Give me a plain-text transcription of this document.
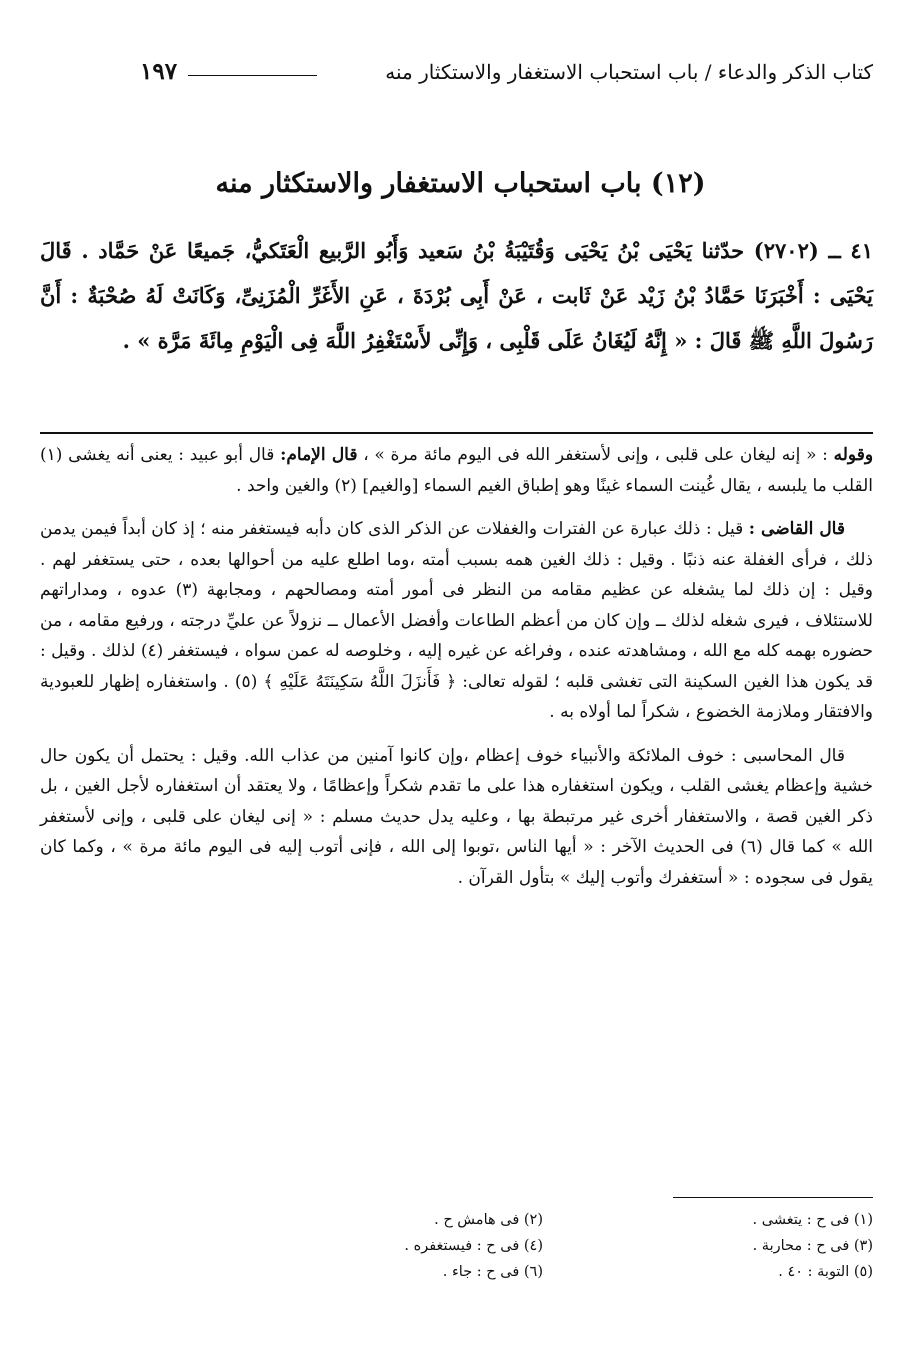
كتاب الذكر والدعاء / باب استحباب الاستغفار والاستكثار منه
١٩٧
(١٢) باب استحباب الاستغفار والاستكثار منه

٤١ ــ (٢٧٠٢) حدّثنا يَحْيَى بْنُ يَحْيَى وَقُتَيْبَةُ بْنُ سَعيد وَأَبُو الرَّبيع الْعَتَكيُّ، جَميعًا عَنْ حَمَّاد . قَالَ يَحْيَى : أَخْبَرَنَا حَمَّادُ بْنُ زَيْد عَنْ ثَابت ، عَنْ أَبِى بُرْدَةَ ، عَنِ الأَغَرِّ الْمُزَنِىِّ، وَكَانَتْ لَهُ صُحْبَةٌ : أَنَّ رَسُولَ اللَّهِ ﷺ قَالَ : « إِنَّهُ لَيُغَانُ عَلَى قَلْبِى ، وَإِنِّى لأَسْتَغْفِرُ اللَّهَ فِى الْيَوْمِ مِائَةَ مَرَّة » .

وقوله : « إنه ليغان على قلبى ، وإنى لأستغفر الله فى اليوم مائة مرة » ، قال الإمام: قال أبو عبيد : يعنى أنه يغشى (١) القلب ما يلبسه ، يقال غُينت السماء غينًا وهو إطباق الغيم السماء [والغيم] (٢) والغين واحد .

قال القاضى : قيل : ذلك عبارة عن الفترات والغفلات عن الذكر الذى كان دأبه فيستغفر منه ؛ إذ كان أبداً فيمن يدمن ذلك ، فرأى الغفلة عنه ذنبًا . وقيل : ذلك الغين همه بسبب أمته ،وما اطلع عليه من أحوالها بعده ، حتى يستغفر لهم . وقيل : إن ذلك لما يشغله عن عظيم مقامه من النظر فى أمور أمته ومصالحهم ، ومجابهة (٣) عدوه ، ومداراتهم للاستئلاف ، فيرى شغله لذلك ــ وإن كان من أعظم الطاعات وأفضل الأعمال ــ نزولاً عن عليِّ درجته ، ورفيع مقامه ، من حضوره بهمه كله مع الله ، ومشاهدته عنده ، وفراغه عن غيره إليه ، وخلوصه له عمن سواه ، فيستغفر (٤) لذلك . وقيل : قد يكون هذا الغين السكينة التى تغشى قلبه ؛ لقوله تعالى: ﴿ فَأَنزَلَ اللَّهُ سَكِينَتَهُ عَلَيْهِ ﴾ (٥) . واستغفاره إظهار للعبودية والافتقار وملازمة الخضوع ، شكراً لما أولاه به .

قال المحاسبى : خوف الملائكة والأنبياء خوف إعظام ،وإن كانوا آمنين من عذاب الله. وقيل : يحتمل أن يكون حال خشية وإعظام يغشى القلب ، ويكون استغفاره هذا على ما تقدم شكراً وإعظامًا ، ولا يعتقد أن استغفاره لأجل الغين ، بل ذكر الغين قصة ، والاستغفار أخرى غير مرتبطة بها ، وعليه يدل حديث مسلم : « إنى ليغان على قلبى ، وإنى لأستغفر الله » كما قال (٦) فى الحديث الآخر : « أيها الناس ،توبوا إلى الله ، فإنى أتوب إليه فى اليوم مائة مرة » ، وكما كان يقول فى سجوده : « أستغفرك وأتوب إليك » بتأول القرآن .

(١) فى ح : يتغشى .
(٣) فى ح : محاربة .
(٥) التوبة : ٤٠ .
(٢) فى هامش ح .
(٤) فى ح : فيستغفره .
(٦) فى ح : جاء .
